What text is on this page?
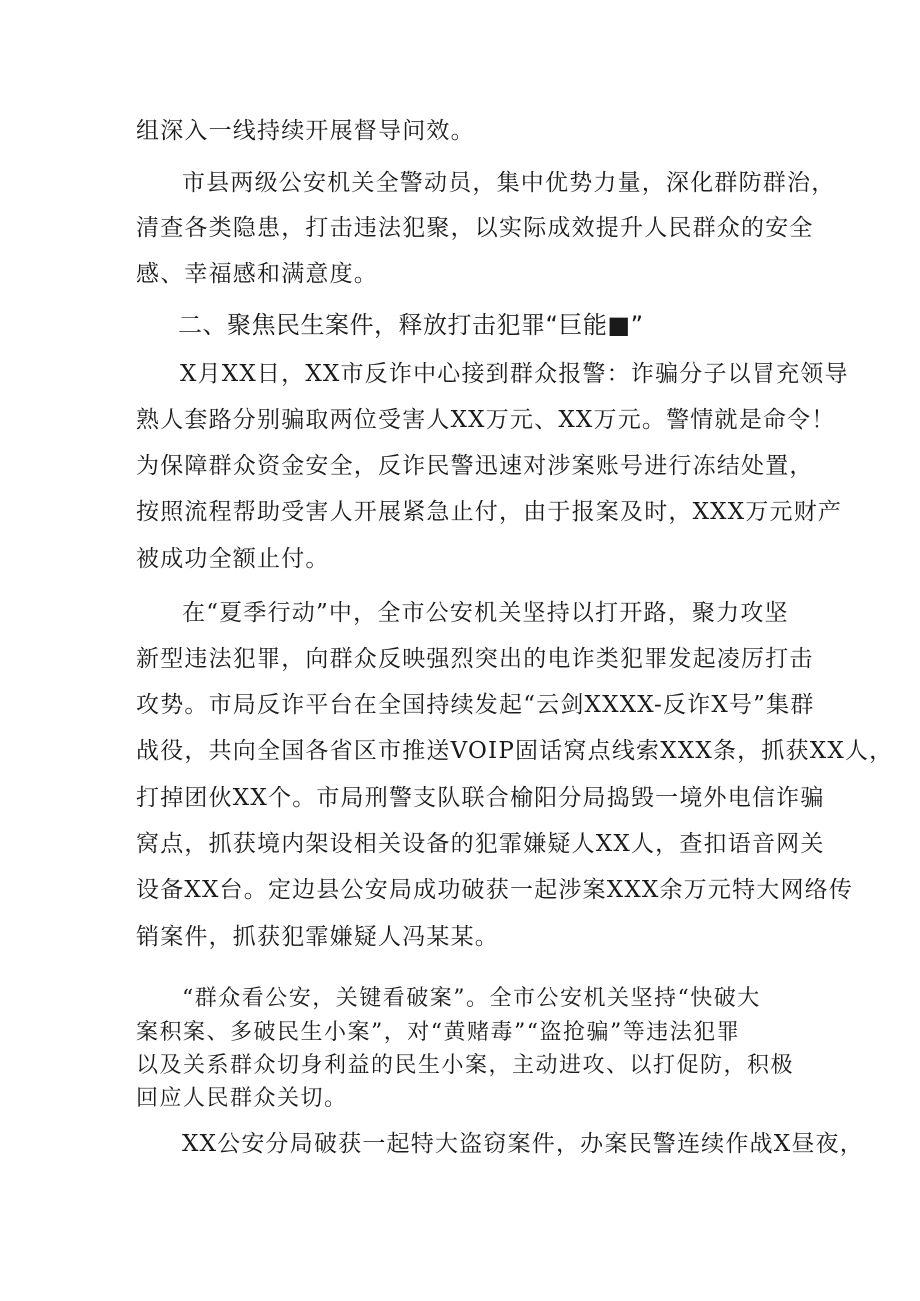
组深入一线持续开展督导问效。
市县两级公安机关全警动员，集中优势力量，深化群防群治，
清查各类隐患，打击违法犯聚，以实际成效提升人民群众的安全
感、幸福感和满意度。
二、聚焦民生案件，释放打击犯罪“巨能■”
X月XX日，XX市反诈中心接到群众报警：诈骗分子以冒充领导
熟人套路分别骗取两位受害人XX万元、XX万元。警情就是命令！
为保障群众资金安全，反诈民警迅速对涉案账号进行冻结处置，
按照流程帮助受害人开展紧急止付，由于报案及时，XXX万元财产
被成功全额止付。
在“夏季行动”中，全市公安机关坚持以打开路，聚力攻坚
新型违法犯罪，向群众反映强烈突出的电诈类犯罪发起凌厉打击
攻势。市局反诈平台在全国持续发起“云剑XXXX-反诈X号”集群
战役，共向全国各省区市推送VOIP固话窝点线索XXX条，抓获XX人，
打掉团伙XX个。市局刑警支队联合榆阳分局捣毁一境外电信诈骗
窝点，抓获境内架设相关设备的犯霏嫌疑人XX人，查扣语音网关
设备XX台。定边县公安局成功破获一起涉案XXX余万元特大网络传
销案件，抓获犯霏嫌疑人冯某某。
“群众看公安，关键看破案”。全市公安机关坚持“快破大
案积案、多破民生小案”，对“黄赌毒”“盗抢骗”等违法犯罪
以及关系群众切身利益的民生小案，主动进攻、以打促防，积极
回应人民群众关切。
XX公安分局破获一起特大盗窃案件，办案民警连续作战X昼夜，
